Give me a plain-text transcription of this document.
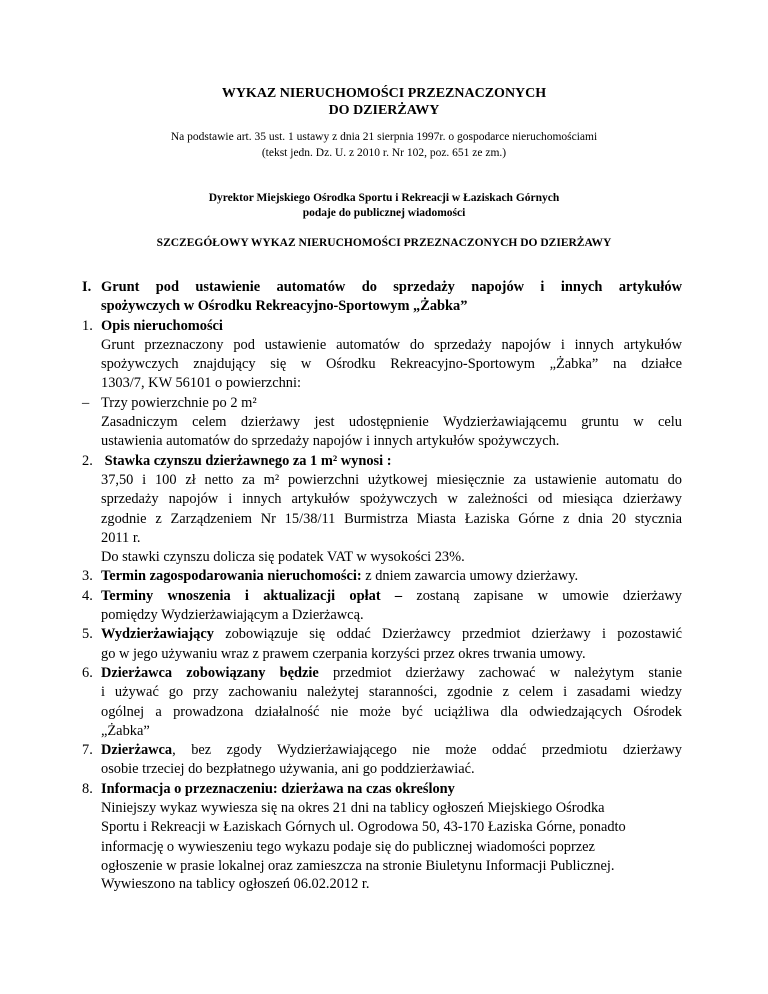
WYKAZ NIERUCHOMOŚCI PRZEZNACZONYCH
DO DZIERŻAWY
Na podstawie art. 35 ust. 1 ustawy z dnia 21 sierpnia 1997r. o gospodarce nieruchomościami
(tekst jedn. Dz. U. z 2010 r. Nr 102, poz. 651 ze zm.)
Dyrektor Miejskiego Ośrodka Sportu i Rekreacji w Łaziskach Górnych
podaje do publicznej wiadomości
SZCZEGÓŁOWY WYKAZ NIERUCHOMOŚCI PRZEZNACZONYCH DO DZIERŻAWY
I. Grunt pod ustawienie automatów do sprzedaży napojów i innych artykułów
spożywczych w Ośrodku Rekreacyjno-Sportowym „Żabka”
1. Opis nieruchomości
Grunt przeznaczony pod ustawienie automatów do sprzedaży napojów i innych artykułów
spożywczych znajdujący się w Ośrodku Rekreacyjno-Sportowym „Żabka” na działce
1303/7, KW 56101 o powierzchni:
– Trzy powierzchnie po 2 m²
Zasadniczym celem dzierżawy jest udostępnienie Wydzierżawiającemu gruntu w celu
ustawienia automatów do sprzedaży napojów i innych artykułów spożywczych.
2. Stawka czynszu dzierżawnego za 1 m² wynosi :
37,50 i 100 zł netto za m² powierzchni użytkowej miesięcznie za ustawienie automatu do
sprzedaży napojów i innych artykułów spożywczych w zależności od miesiąca dzierżawy
zgodnie z Zarządzeniem Nr 15/38/11 Burmistrza Miasta Łaziska Górne z dnia 20 stycznia
2011 r.
Do stawki czynszu dolicza się podatek VAT w wysokości 23%.
3. Termin zagospodarowania nieruchomości: z dniem zawarcia umowy dzierżawy.
4. Terminy wnoszenia i aktualizacji opłat – zostaną zapisane w umowie dzierżawy
pomiędzy Wydzierżawiającym a Dzierżawcą.
5. Wydzierżawiający zobowiązuje się oddać Dzierżawcy przedmiot dzierżawy i pozostawić
go w jego używaniu wraz z prawem czerpania korzyści przez okres trwania umowy.
6. Dzierżawca zobowiązany będzie przedmiot dzierżawy zachować w należytym stanie
i używać go przy zachowaniu należytej staranności, zgodnie z celem i zasadami wiedzy
ogólnej a prowadzona działalność nie może być uciążliwa dla odwiedzających Ośrodek
„Żabka”
7. Dzierżawca, bez zgody Wydzierżawiającego nie może oddać przedmiotu dzierżawy
osobie trzeciej do bezpłatnego używania, ani go poddzierżawiać.
8. Informacja o przeznaczeniu: dzierżawa na czas określony
Niniejszy wykaz wywiesza się na okres 21 dni na tablicy ogłoszeń Miejskiego Ośrodka
Sportu i Rekreacji w Łaziskach Górnych ul. Ogrodowa 50, 43-170 Łaziska Górne, ponadto
informację o wywieszeniu tego wykazu podaje się do publicznej wiadomości poprzez
ogłoszenie w prasie lokalnej oraz zamieszcza na stronie Biuletynu Informacji Publicznej.
Wywieszono na tablicy ogłoszeń 06.02.2012 r.
